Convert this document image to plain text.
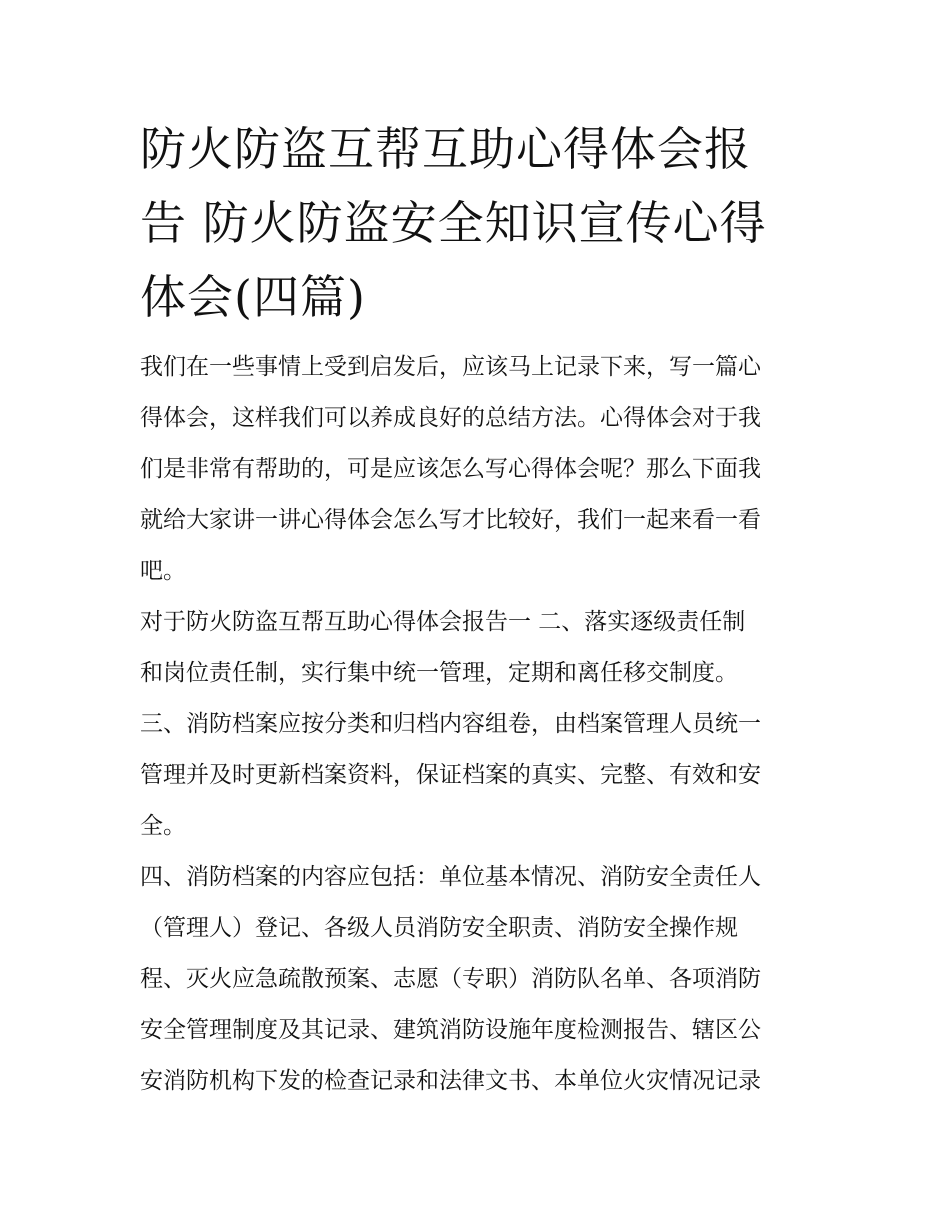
防火防盗互帮互助心得体会报
告 防火防盗安全知识宣传心得
体会(四篇)

我们在一些事情上受到启发后，应该马上记录下来，写一篇心
得体会，这样我们可以养成良好的总结方法。心得体会对于我
们是非常有帮助的，可是应该怎么写心得体会呢？那么下面我
就给大家讲一讲心得体会怎么写才比较好，我们一起来看一看
吧。

对于防火防盗互帮互助心得体会报告一 二、落实逐级责任制
和岗位责任制，实行集中统一管理，定期和离任移交制度。

三、消防档案应按分类和归档内容组卷，由档案管理人员统一
管理并及时更新档案资料，保证档案的真实、完整、有效和安
全。

四、消防档案的内容应包括：单位基本情况、消防安全责任人
（管理人）登记、各级人员消防安全职责、消防安全操作规
程、灭火应急疏散预案、志愿（专职）消防队名单、各项消防
安全管理制度及其记录、建筑消防设施年度检测报告、辖区公
安消防机构下发的检查记录和法律文书、本单位火灾情况记录
